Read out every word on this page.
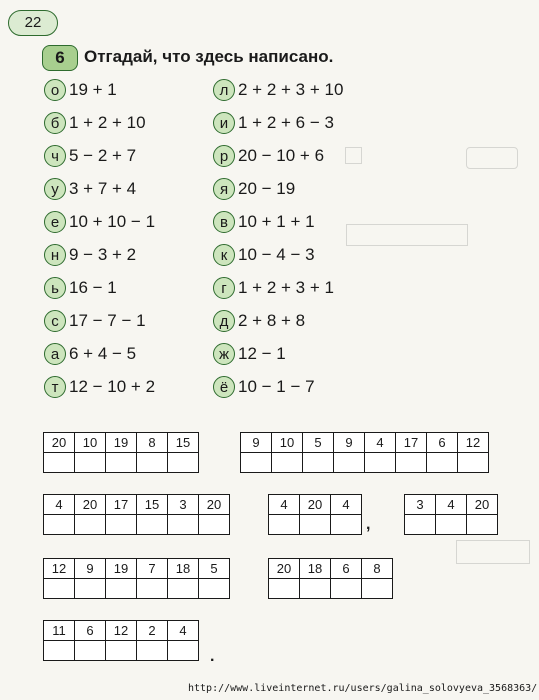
22
6	Отгадай, что здесь написано.
о 19 + 1
б 1 + 2 + 10
ч 5 − 2 + 7
у 3 + 7 + 4
е 10 + 10 − 1
н 9 − 3 + 2
ь 16 − 1
с 17 − 7 − 1
а 6 + 4 − 5
т 12 − 10 + 2
л 2 + 2 + 3 + 10
и 1 + 2 + 6 − 3
р 20 − 10 + 6
я 20 − 19
в 10 + 1 + 1
к 10 − 4 − 3
г 1 + 2 + 3 + 1
д 2 + 8 + 8
ж 12 − 1
ё 10 − 1 − 7
20	10	19	8	15
					9	10	5	9	4	17	6	12

4	20	17	15	3	20
						4	20	4
			3	4	20

12	9	19	7	18	5
						20	18	6	8

11	6	12	2	4

,
.
http://www.liveinternet.ru/users/galina_solovyeva_3568363/
